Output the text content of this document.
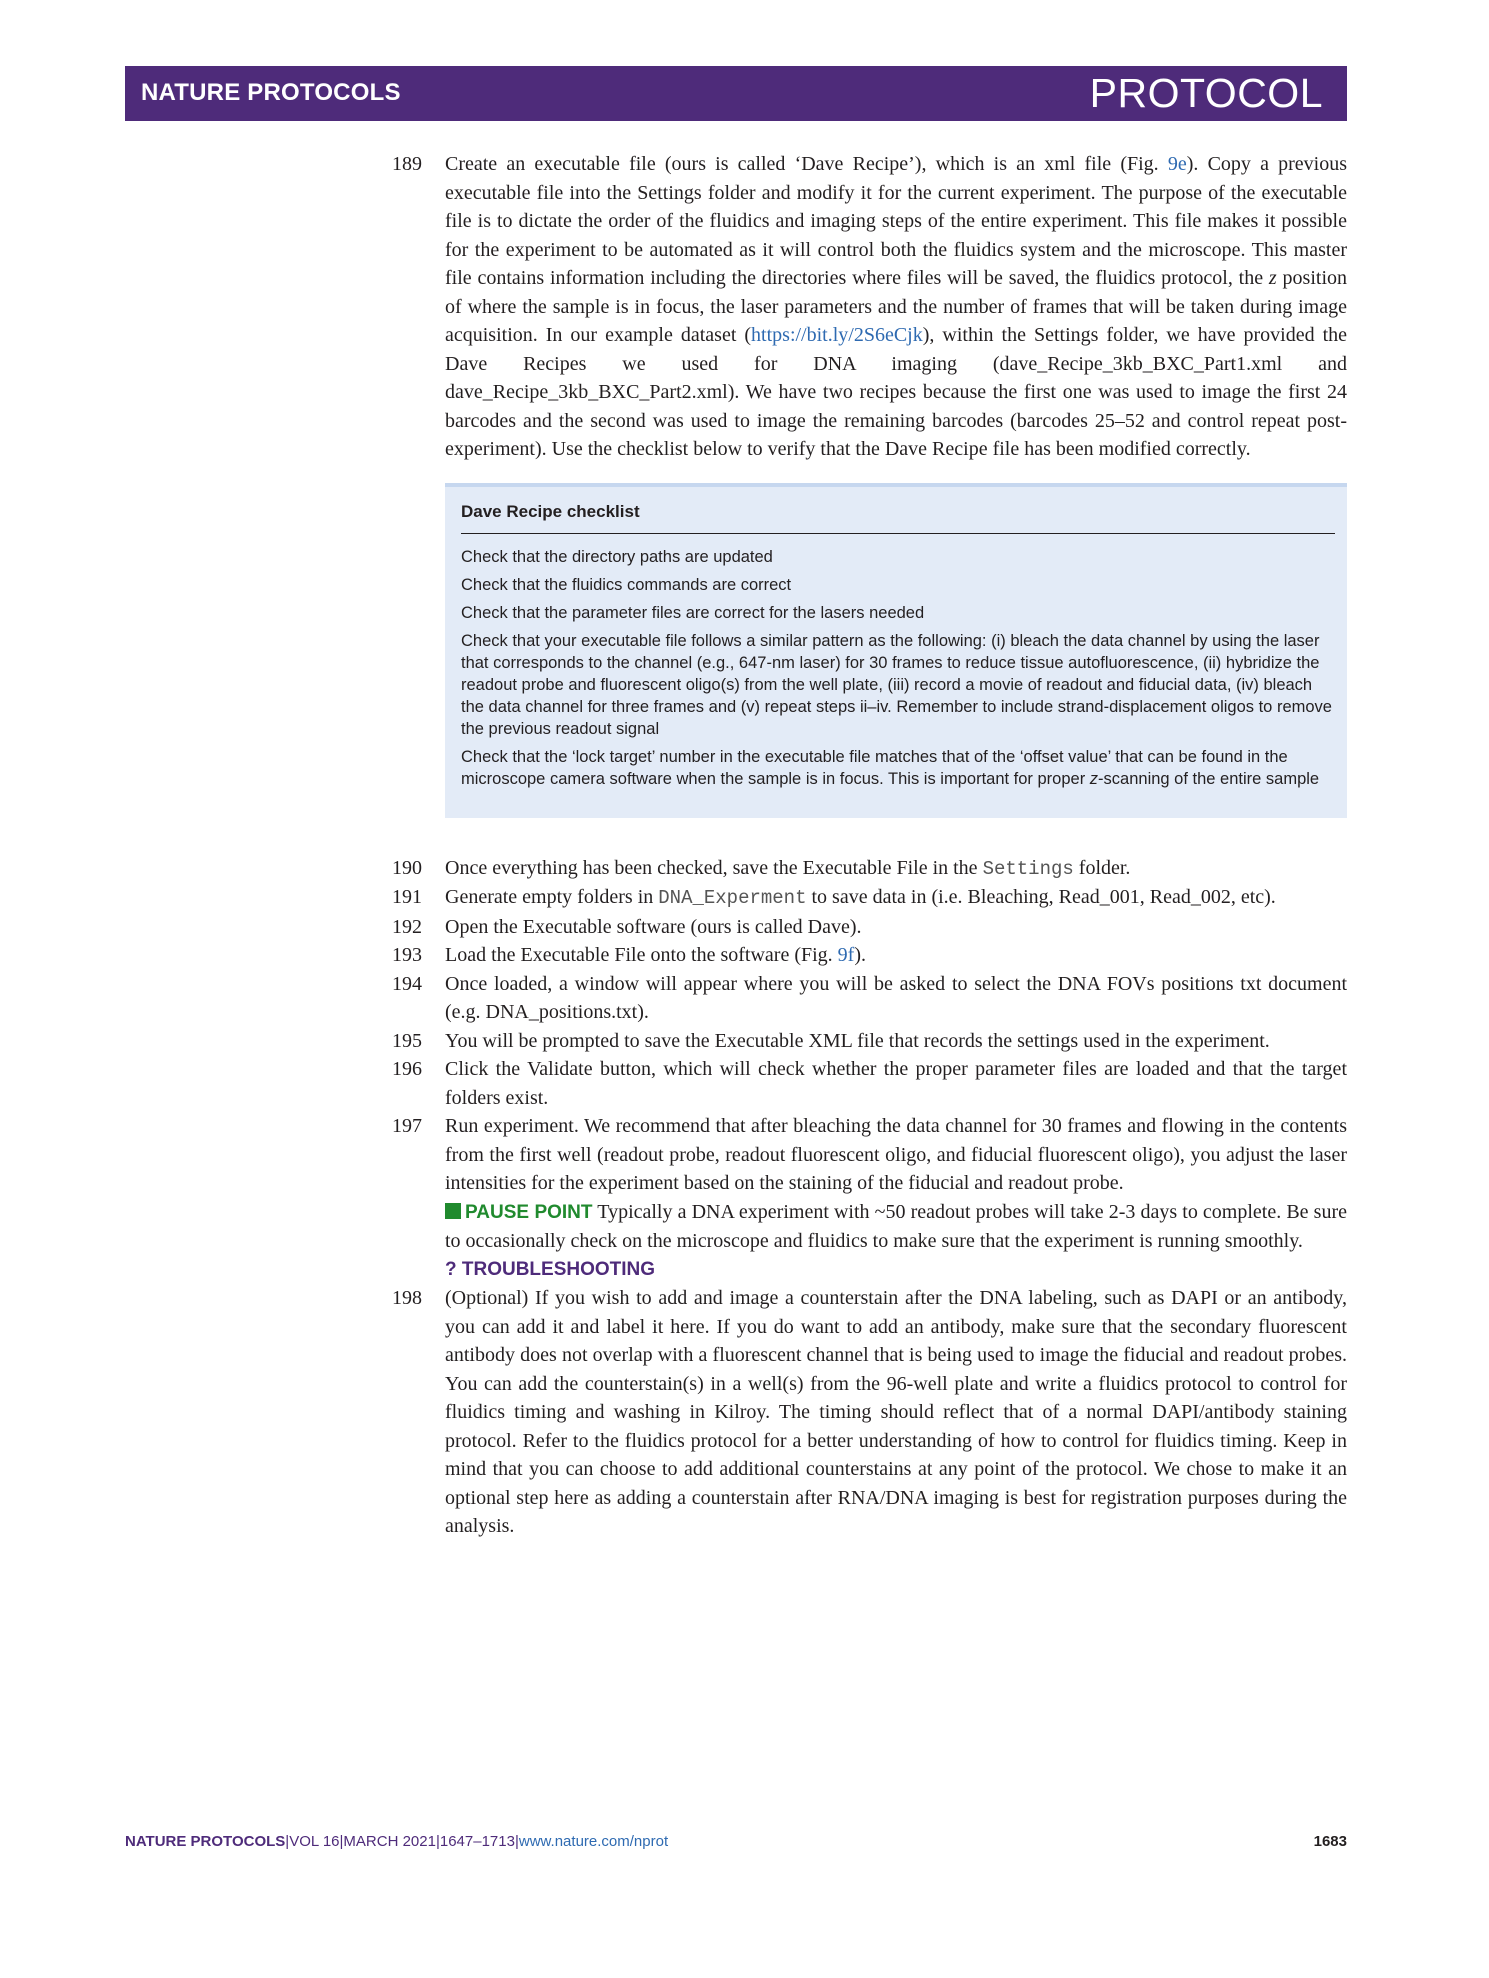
NATURE PROTOCOLS	PROTOCOL
189	Create an executable file (ours is called ‘Dave Recipe’), which is an xml file (Fig. 9e). Copy a previous executable file into the Settings folder and modify it for the current experiment. The purpose of the executable file is to dictate the order of the fluidics and imaging steps of the entire experiment. This file makes it possible for the experiment to be automated as it will control both the fluidics system and the microscope. This master file contains information including the directories where files will be saved, the fluidics protocol, the z position of where the sample is in focus, the laser parameters and the number of frames that will be taken during image acquisition. In our example dataset (https://bit.ly/2S6eCjk), within the Settings folder, we have provided the Dave Recipes we used for DNA imaging (dave_Recipe_3kb_BXC_Part1.xml and dave_Recipe_3kb_BXC_Part2.xml). We have two recipes because the first one was used to image the first 24 barcodes and the second was used to image the remaining barcodes (barcodes 25–52 and control repeat post-experiment). Use the checklist below to verify that the Dave Recipe file has been modified correctly.
Dave Recipe checklist
Check that the directory paths are updated
Check that the fluidics commands are correct
Check that the parameter files are correct for the lasers needed
Check that your executable file follows a similar pattern as the following: (i) bleach the data channel by using the laser that corresponds to the channel (e.g., 647-nm laser) for 30 frames to reduce tissue autofluorescence, (ii) hybridize the readout probe and fluorescent oligo(s) from the well plate, (iii) record a movie of readout and fiducial data, (iv) bleach the data channel for three frames and (v) repeat steps ii–iv. Remember to include strand-displacement oligos to remove the previous readout signal
Check that the ‘lock target’ number in the executable file matches that of the ‘offset value’ that can be found in the microscope camera software when the sample is in focus. This is important for proper z-scanning of the entire sample
190	Once everything has been checked, save the Executable File in the Settings folder.
191	Generate empty folders in DNA_Experment to save data in (i.e. Bleaching, Read_001, Read_002, etc).
192	Open the Executable software (ours is called Dave).
193	Load the Executable File onto the software (Fig. 9f).
194	Once loaded, a window will appear where you will be asked to select the DNA FOVs positions txt document (e.g. DNA_positions.txt).
195	You will be prompted to save the Executable XML file that records the settings used in the experiment.
196	Click the Validate button, which will check whether the proper parameter files are loaded and that the target folders exist.
197	Run experiment. We recommend that after bleaching the data channel for 30 frames and flowing in the contents from the first well (readout probe, readout fluorescent oligo, and fiducial fluorescent oligo), you adjust the laser intensities for the experiment based on the staining of the fiducial and readout probe.
PAUSE POINT Typically a DNA experiment with ~50 readout probes will take 2-3 days to complete. Be sure to occasionally check on the microscope and fluidics to make sure that the experiment is running smoothly.
? TROUBLESHOOTING
198	(Optional) If you wish to add and image a counterstain after the DNA labeling, such as DAPI or an antibody, you can add it and label it here. If you do want to add an antibody, make sure that the secondary fluorescent antibody does not overlap with a fluorescent channel that is being used to image the fiducial and readout probes. You can add the counterstain(s) in a well(s) from the 96-well plate and write a fluidics protocol to control for fluidics timing and washing in Kilroy. The timing should reflect that of a normal DAPI/antibody staining protocol. Refer to the fluidics protocol for a better understanding of how to control for fluidics timing. Keep in mind that you can choose to add additional counterstains at any point of the protocol. We chose to make it an optional step here as adding a counterstain after RNA/DNA imaging is best for registration purposes during the analysis.
NATURE PROTOCOLS|VOL 16|MARCH 2021|1647–1713|www.nature.com/nprot	1683
